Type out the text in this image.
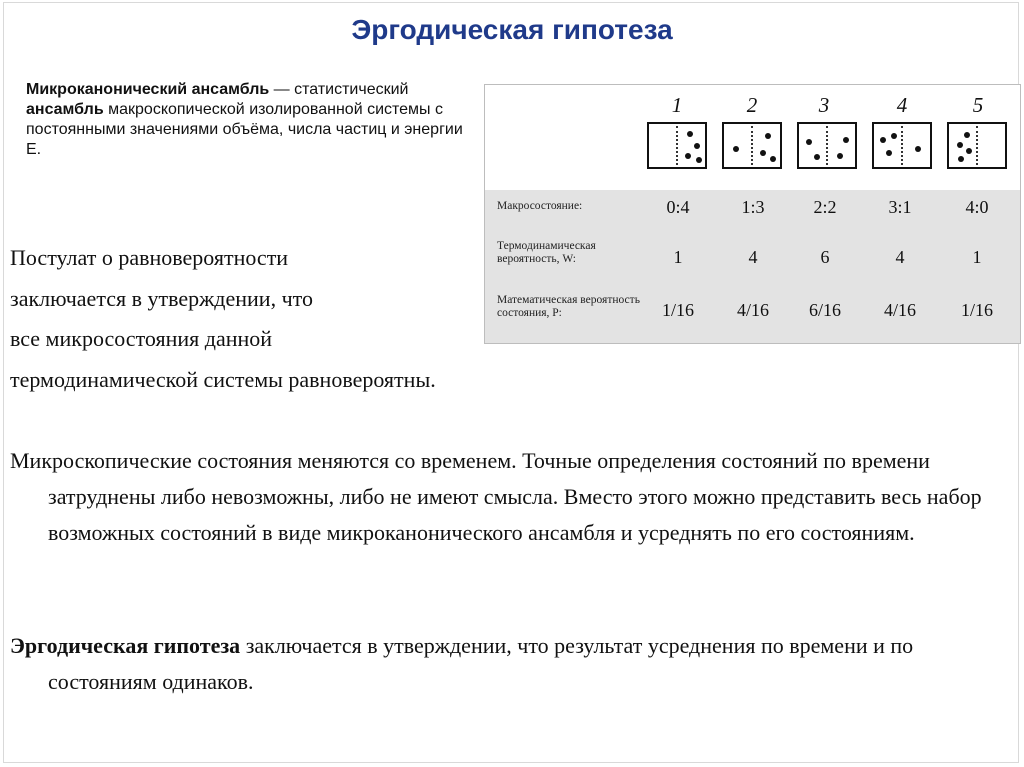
Эргодическая гипотеза
Микроканонический ансамбль — статистический ансамбль макроскопической изолированной системы с постоянными значениями объёма, числа частиц и энергии Е.
1	2	3	4	5
Макросостояние:	0:4	1:3	2:2	3:1	4:0
Термодинамическая вероятность, W:	1	4	6	4	1
Математическая вероятность состояния, P:	1/16	4/16	6/16	4/16	1/16
Постулат о равновероятности
заключается в утверждении, что
все микросостояния данной
термодинамической системы равновероятны.
Микроскопические состояния меняются со временем. Точные определения состояний по времени затруднены либо невозможны, либо не имеют смысла. Вместо этого можно представить весь набор возможных состояний в виде микроканонического ансамбля и усреднять по его состояниям.
Эргодическая гипотеза заключается в утверждении, что результат усреднения по времени и по состояниям одинаков.
